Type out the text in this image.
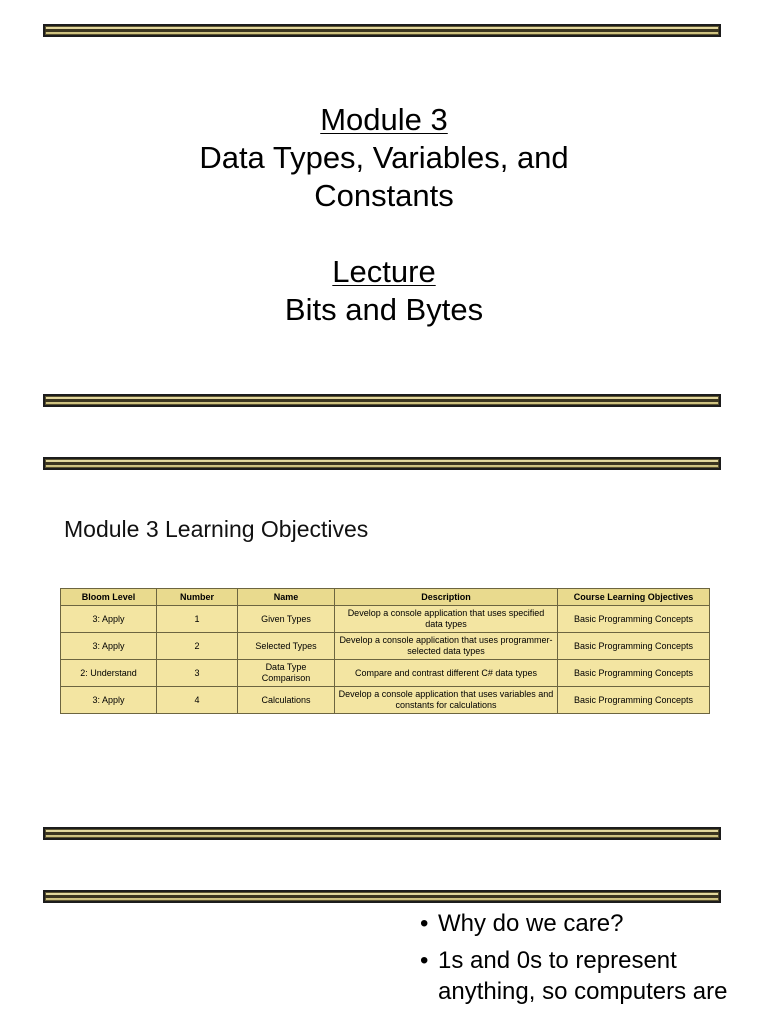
Module 3
Data Types, Variables, and
Constants
Lecture
Bits and Bytes
Module 3 Learning Objectives
Bloom Level	Number	Name	Description	Course Learning Objectives
3: Apply	1	Given Types	Develop a console application that uses specified data types	Basic Programming Concepts
3: Apply	2	Selected Types	Develop a console application that uses programmer-selected data types	Basic Programming Concepts
2: Understand	3	Data Type Comparison	Compare and contrast different C# data types	Basic Programming Concepts
3: Apply	4	Calculations	Develop a console application that uses variables and constants for calculations	Basic Programming Concepts
• Why do we care?
• 1s and 0s to represent anything, so computers are
